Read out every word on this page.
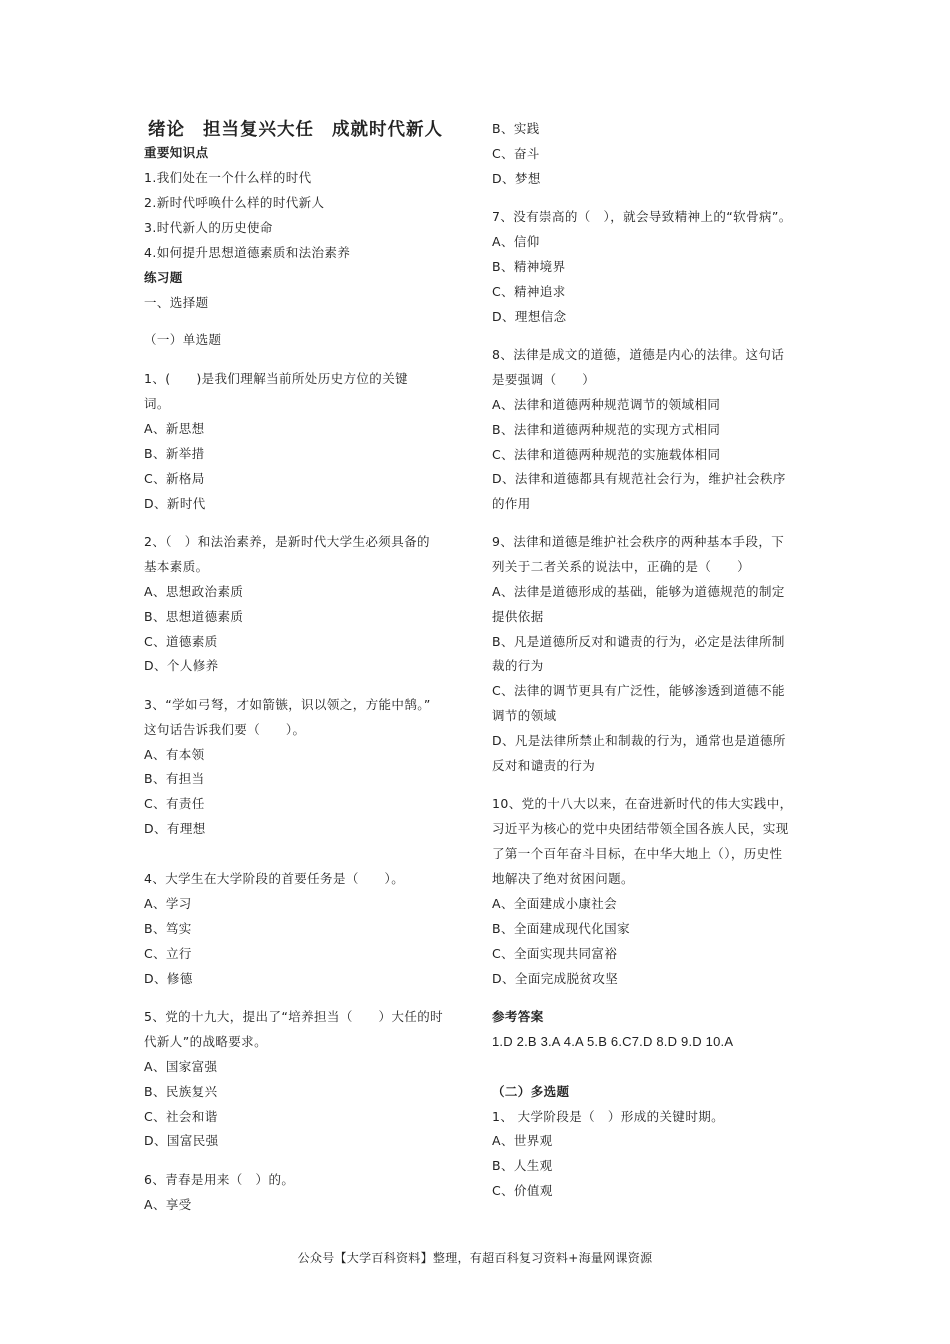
绪论 担当复兴大任 成就时代新人
重要知识点
1.我们处在一个什么样的时代
2.新时代呼唤什么样的时代新人
3.时代新人的历史使命
4.如何提升思想道德素质和法治素养
练习题
一、选择题
（一）单选题
1、(　　)是我们理解当前所处历史方位的关键
词。
A、新思想
B、新举措
C、新格局
D、新时代
2、（　）和法治素养，是新时代大学生必须具备的
基本素质。
A、思想政治素质
B、思想道德素质
C、道德素质
D、个人修养
3、“学如弓弩，才如箭镞，识以领之，方能中鹄。”
这句话告诉我们要（　　）。
A、有本领
B、有担当
C、有责任
D、有理想
4、大学生在大学阶段的首要任务是（　　）。
A、学习
B、笃实
C、立行
D、修德
5、党的十九大，提出了“培养担当（　　）大任的时
代新人”的战略要求。
A、国家富强
B、民族复兴
C、社会和谐
D、国富民强
6、青春是用来（　）的。
A、享受
B、实践
C、奋斗
D、梦想
7、没有崇高的（　），就会导致精神上的“软骨病”。
A、信仰
B、精神境界
C、精神追求
D、理想信念
8、法律是成文的道德，道德是内心的法律。这句话
是要强调（　　）
A、法律和道德两种规范调节的领域相同
B、法律和道德两种规范的实现方式相同
C、法律和道德两种规范的实施载体相同
D、法律和道德都具有规范社会行为，维护社会秩序
的作用
9、法律和道德是维护社会秩序的两种基本手段，下
列关于二者关系的说法中，正确的是（　　）
A、法律是道德形成的基础，能够为道德规范的制定
提供依据
B、凡是道德所反对和谴责的行为，必定是法律所制
裁的行为
C、法律的调节更具有广泛性，能够渗透到道德不能
调节的领域
D、凡是法律所禁止和制裁的行为，通常也是道德所
反对和谴责的行为
10、党的十八大以来，在奋进新时代的伟大实践中，
习近平为核心的党中央团结带领全国各族人民，实现
了第一个百年奋斗目标，在中华大地上（），历史性
地解决了绝对贫困问题。
A、全面建成小康社会
B、全面建成现代化国家
C、全面实现共同富裕
D、全面完成脱贫攻坚
参考答案
1.D 2.B 3.A 4.A 5.B 6.C7.D 8.D 9.D 10.A
（二）多选题
1、 大学阶段是（　）形成的关键时期。
A、世界观
B、人生观
C、价值观
公众号【大学百科资料】整理，有超百科复习资料+海量网课资源
